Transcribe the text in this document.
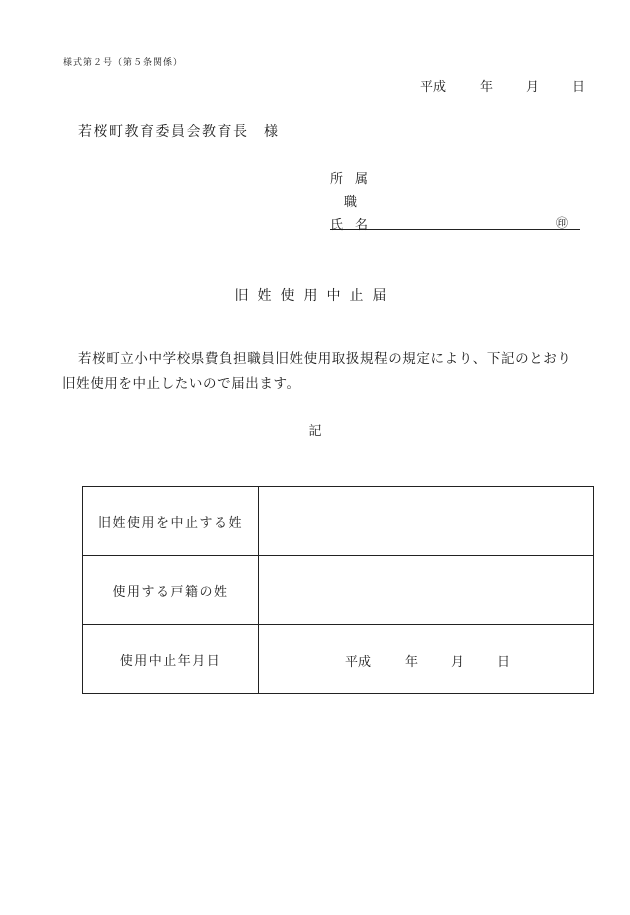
様式第２号（第５条関係）
平成	年	月	日
若桜町教育委員会教育長　様
所属
職
氏名	㊞
旧姓使用中止届
若桜町立小中学校県費負担職員旧姓使用取扱規程の規定により、下記のとおり旧姓使用を中止したいので届出ます。
記
旧姓使用を中止する姓	
使用する戸籍の姓	
使用中止年月日	平成 年 月 日
